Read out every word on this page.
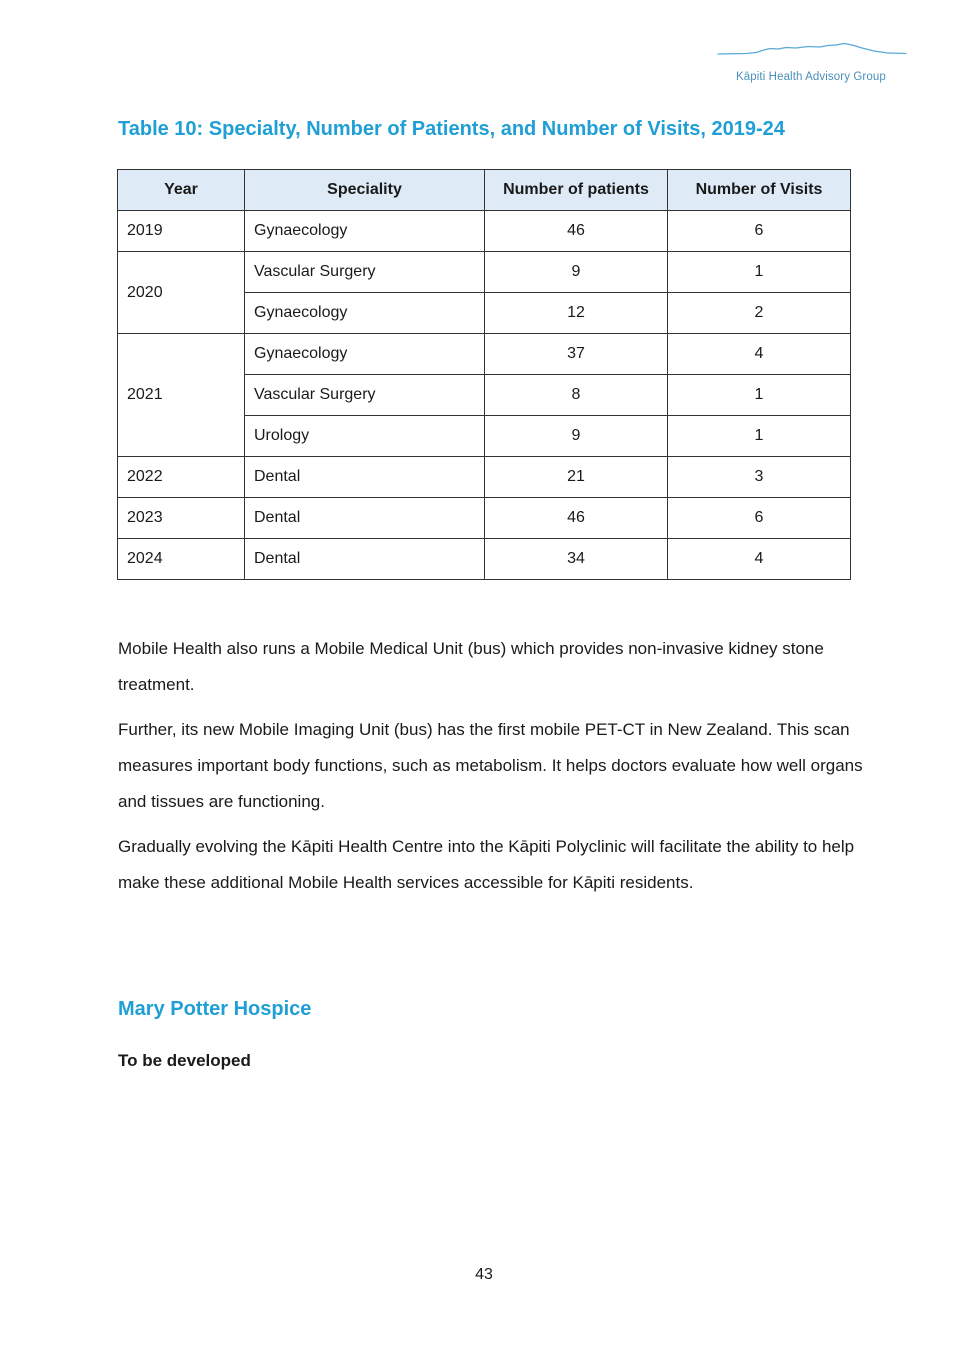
Kāpiti Health Advisory Group
Table 10: Specialty, Number of Patients, and Number of Visits, 2019-24
Year	Speciality	Number of patients	Number of Visits
2019	Gynaecology	46	6
2020	Vascular Surgery	9	1
	Gynaecology	12	2
2021	Gynaecology	37	4
	Vascular Surgery	8	1
	Urology	9	1
2022	Dental	21	3
2023	Dental	46	6
2024	Dental	34	4

Mobile Health also runs a Mobile Medical Unit (bus) which provides non-invasive kidney stone treatment.

Further, its new Mobile Imaging Unit (bus) has the first mobile PET-CT in New Zealand. This scan measures important body functions, such as metabolism. It helps doctors evaluate how well organs and tissues are functioning.

Gradually evolving the Kāpiti Health Centre into the Kāpiti Polyclinic will facilitate the ability to help make these additional Mobile Health services accessible for Kāpiti residents.

Mary Potter Hospice

To be developed

43
